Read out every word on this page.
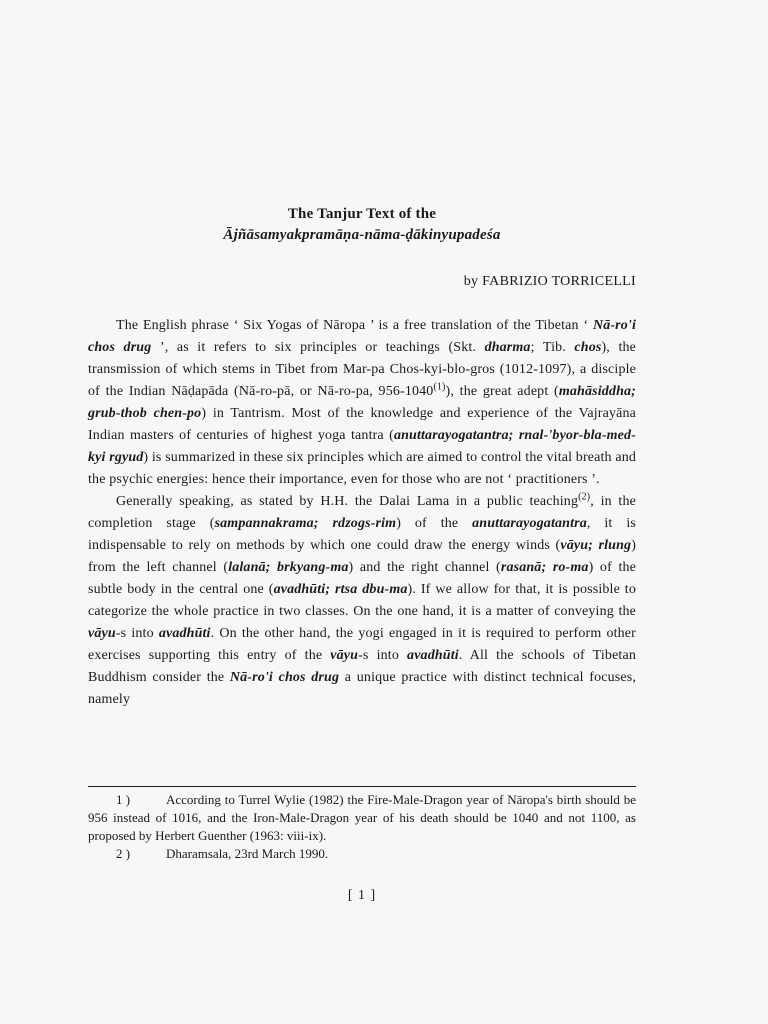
The Tanjur Text of the
Ājñāsamyakpramāṇa-nāma-ḍākinyupadeśa
by FABRIZIO TORRICELLI

The English phrase ‘ Six Yogas of Nāropa ’ is a free translation of the Tibetan ‘ Nā-ro'i chos drug ’, as it refers to six principles or teachings (Skt. dharma; Tib. chos), the transmission of which stems in Tibet from Mar-pa Chos-kyi-blo-gros (1012-1097), a disciple of the Indian Nāḍapāda (Nā-ro-pā, or Nā-ro-pa, 956-1040$^{(1)}$), the great adept (mahāsiddha; grub-thob chen-po) in Tantrism. Most of the knowledge and experience of the Vajrayāna Indian masters of centuries of highest yoga tantra (anuttarayogatantra; rnal-'byor-bla-med-kyi rgyud) is summarized in these six principles which are aimed to control the vital breath and the psychic energies: hence their importance, even for those who are not ‘ practitioners ’.

Generally speaking, as stated by H.H. the Dalai Lama in a public teaching$^{(2)}$, in the completion stage (sampannakrama; rdzogs-rim) of the anuttarayogatantra, it is indispensable to rely on methods by which one could draw the energy winds (vāyu; rlung) from the left channel (lalanā; brkyang-ma) and the right channel (rasanā; ro-ma) of the subtle body in the central one (avadhūti; rtsa dbu-ma). If we allow for that, it is possible to categorize the whole practice in two classes. On the one hand, it is a matter of conveying the vāyu-s into avadhūti. On the other hand, the yogi engaged in it is required to perform other exercises supporting this entry of the vāyu-s into avadhūti. All the schools of Tibetan Buddhism consider the Nā-ro'i chos drug a unique practice with distinct technical focuses, namely

1 )	According to Turrel Wylie (1982) the Fire-Male-Dragon year of Nāropa's birth should be 956 instead of 1016, and the Iron-Male-Dragon year of his death should be 1040 and not 1100, as proposed by Herbert Guenther (1963: viii-ix).
2 )	Dharamsala, 23rd March 1990.
[ 1 ]
